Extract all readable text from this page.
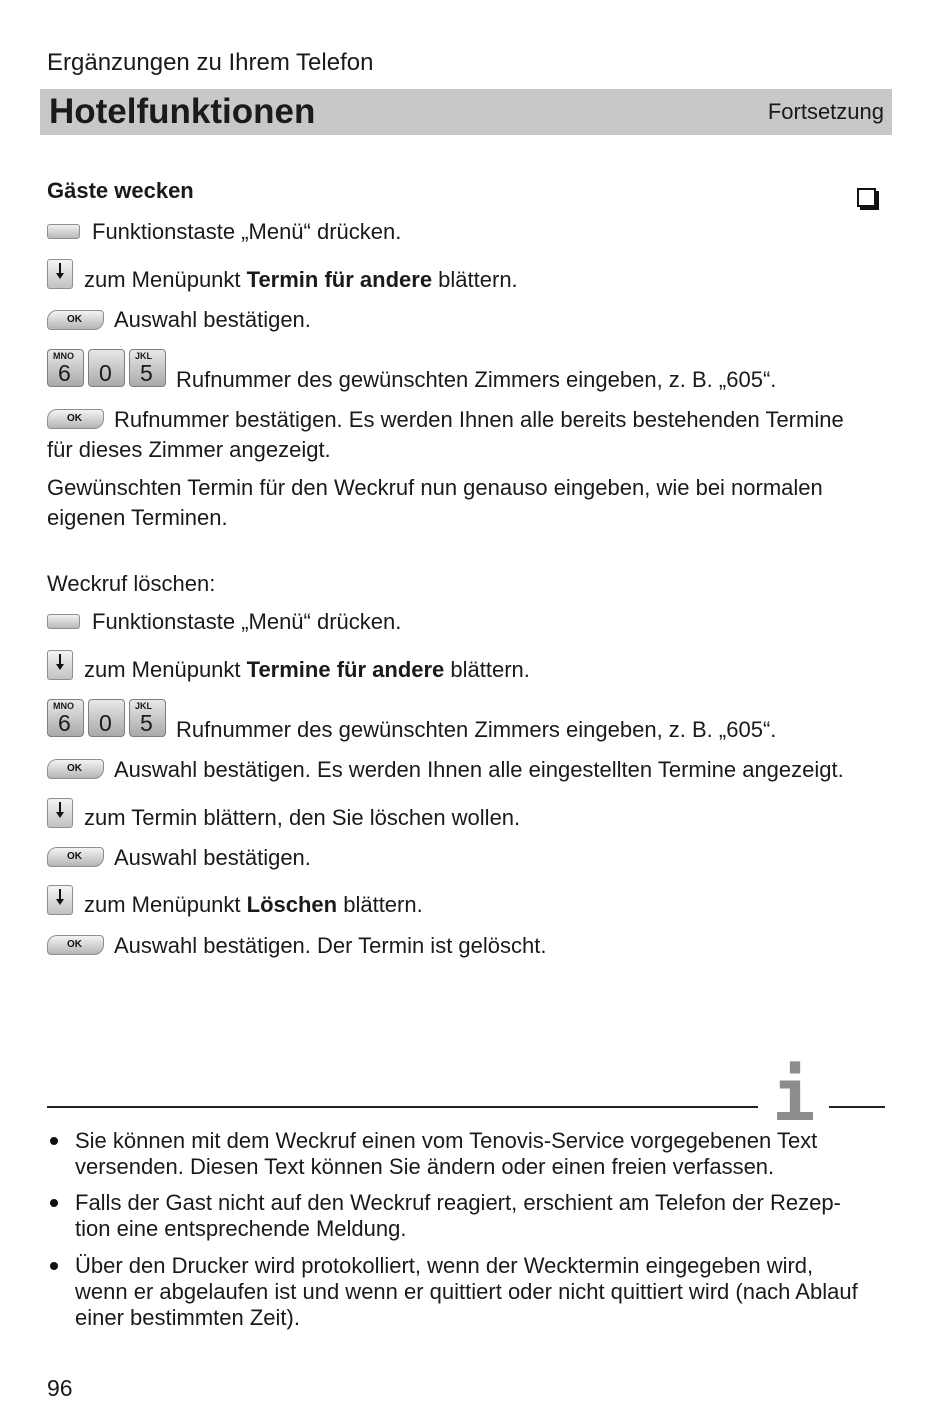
Ergänzungen zu Ihrem Telefon
Hotelfunktionen	Fortsetzung
Gäste wecken
Funktionstaste „Menü“ drücken.
zum Menüpunkt Termin für andere blättern.
OK	Auswahl bestätigen.
MNO
6 0
JKL
5 Rufnummer des gewünschten Zimmers eingeben, z. B. „605“.
OK	Rufnummer bestätigen. Es werden Ihnen alle bereits bestehenden Termine
für dieses Zimmer angezeigt.
Gewünschten Termin für den Weckruf nun genauso eingeben, wie bei normalen
eigenen Terminen.
Weckruf löschen:
Funktionstaste „Menü“ drücken.
zum Menüpunkt Termine für andere blättern.
MNO
6 0
JKL
5 Rufnummer des gewünschten Zimmers eingeben, z. B. „605“.
OK	Auswahl bestätigen. Es werden Ihnen alle eingestellten Termine angezeigt.
zum Termin blättern, den Sie löschen wollen.
OK	Auswahl bestätigen.
zum Menüpunkt Löschen blättern.
OK	Auswahl bestätigen. Der Termin ist gelöscht.
i
Sie können mit dem Weckruf einen vom Tenovis-Service vorgegebenen Text
versenden. Diesen Text können Sie ändern oder einen freien verfassen.
Falls der Gast nicht auf den Weckruf reagiert, erschient am Telefon der Rezep-
tion eine entsprechende Meldung.
Über den Drucker wird protokolliert, wenn der Wecktermin eingegeben wird,
wenn er abgelaufen ist und wenn er quittiert oder nicht quittiert wird (nach Ablauf
einer bestimmten Zeit).
96
